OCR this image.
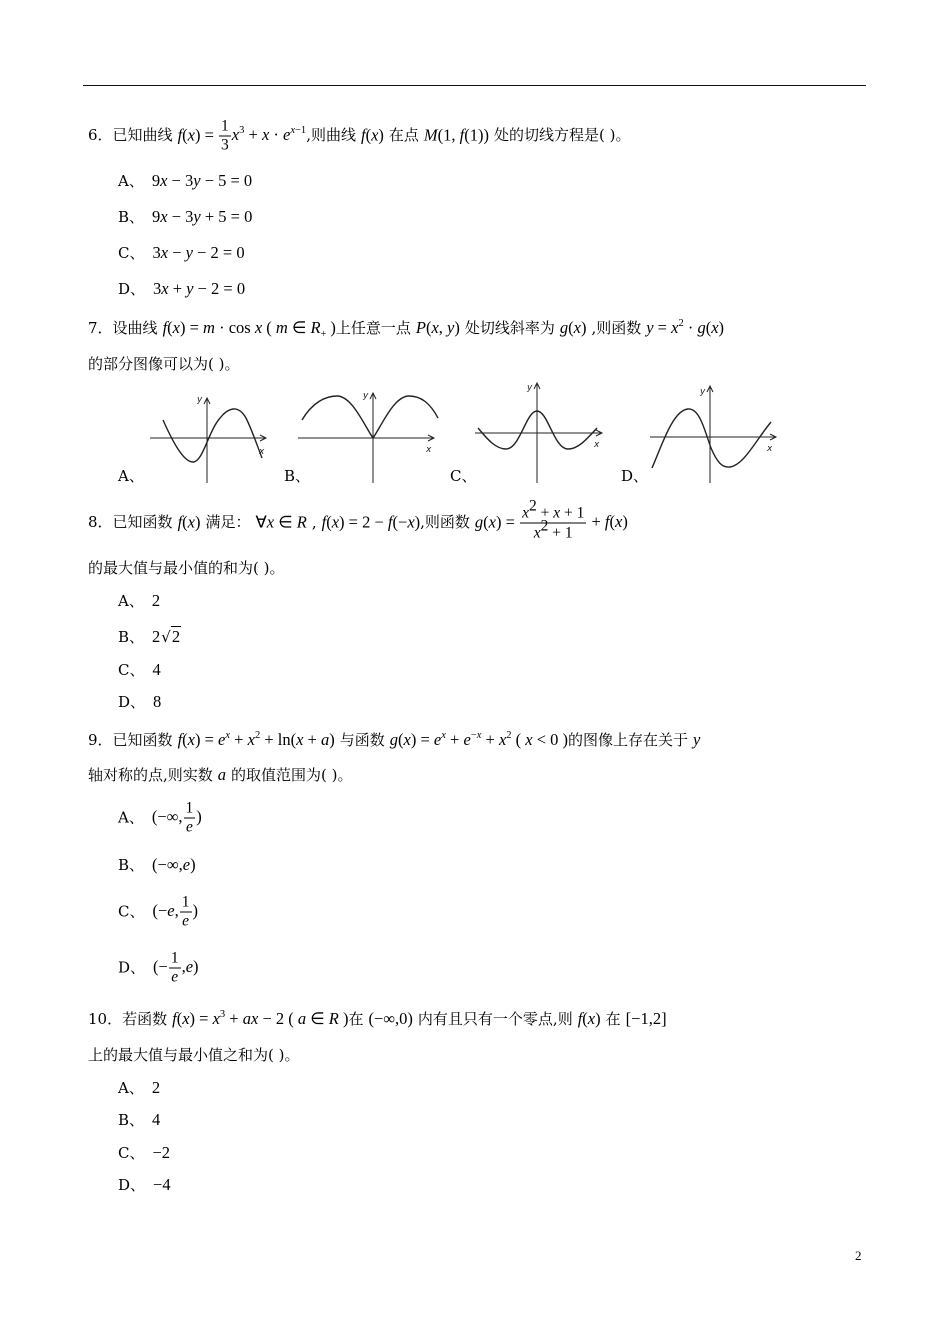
6．已知曲线 $f(x) = \frac{1}{3} x^3 + x \cdot e^{x-1}$,则曲线 f(x) 在点 M(1, f(1)) 处的切线方程是( )。
A、 9x − 3y − 5 = 0
B、 9x − 3y + 5 = 0
C、 3x − y − 2 = 0
D、 3x + y − 2 = 0
7．设曲线 f(x) = m · cos x ( m ∈ $R_+$ )上任意一点 P(x, y) 处切线斜率为 g(x) ,则函数 $y = x^2 \cdot g(x)$
的部分图像可以为( )。
y
x
y
x
y
x
y
x
A、	B、	C、	D、
8．已知函数 f(x) 满足： ∀x ∈ R , f(x) = 2 − f(−x),则函数 $g(x) = \frac{x^2 + x + 1}{x^2 + 1} + f(x)$
的最大值与最小值的和为( )。
A、 2
B、 2√2
C、 4
D、 8
9．已知函数 $f(x) = e^x + x^2 + \ln(x + a)$ 与函数 $g(x) = e^x + e^{-x} + x^2$ ( x < 0 )的图像上存在关于 y
轴对称的点,则实数 a 的取值范围为( )。
A、 (−∞, $\frac{1}{e}$ )
B、 (−∞,e)
C、 (−e, $\frac{1}{e}$ )
D、 (− $\frac{1}{e} ,e$)
10．若函数 $f(x) = x^3$ + ax − 2 ( a ∈ R )在 (−∞,0) 内有且只有一个零点,则 f(x) 在 [−1,2]
上的最大值与最小值之和为( )。
A、 2
B、 4
C、 −2
D、 −4
2
